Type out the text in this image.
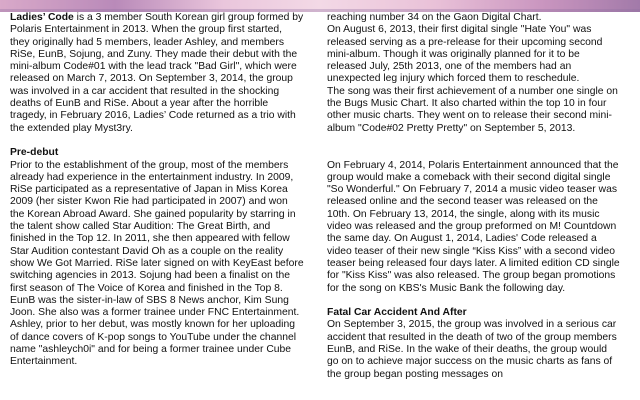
Ladies’ Code is a 3 member South Korean girl group formed by Polaris Entertainment in 2013. When the group first started, they originally had 5 members, leader Ashley, and members RiSe, EunB, Sojung, and Zuny. They made their debut with the mini-album Code#01 with the lead track "Bad Girl", which were released on March 7, 2013. On September 3, 2014, the group was involved in a car accident that resulted in the shocking deaths of EunB and RiSe. About a year after the horrible tragedy, in February 2016, Ladies’ Code returned as a trio with the extended play Myst3ry.

Pre-debut

Prior to the establishment of the group, most of the members already had experience in the entertainment industry. In 2009, RiSe participated as a representative of Japan in Miss Korea 2009 (her sister Kwon Rie had participated in 2007) and won the Korean Abroad Award. She gained popularity by starring in the talent show called Star Audition: The Great Birth, and finished in the Top 12. In 2011, she then appeared with fellow Star Audition contestant David Oh as a couple on the reality show We Got Married. RiSe later signed on with KeyEast before switching agencies in 2013. Sojung had been a finalist on the first season of The Voice of Korea and finished in the Top 8. EunB was the sister-in-law of SBS 8 News anchor, Kim Sung Joon. She also was a former trainee under FNC Entertainment. Ashley, prior to her debut, was mostly known for her uploading of dance covers of K-pop songs to YouTube under the channel name "ashleych0i" and for being a former trainee under Cube Entertainment.

reaching number 34 on the Gaon Digital Chart.

On August 6, 2013, their first digital single "Hate You" was released serving as a pre-release for their upcoming second mini-album. Though it was originally planned for it to be released July, 25th 2013, one of the members had an unexpected leg injury which forced them to reschedule.

The song was their first achievement of a number one single on the Bugs Music Chart. It also charted within the top 10 in four other music charts. They went on to release their second mini-album "Code#02 Pretty Pretty" on September 5, 2013.

On February 4, 2014, Polaris Entertainment announced that the group would make a comeback with their second digital single "So Wonderful." On February 7, 2014 a music video teaser was released online and the second teaser was released on the 10th. On February 13, 2014, the single, along with its music video was released and the group preformed on M! Countdown the same day. On August 1, 2014, Ladies' Code released a video teaser of their new single “Kiss Kiss” with a second video teaser being released four days later. A limited edition CD single for "Kiss Kiss" was also released. The group began promotions for the song on KBS's Music Bank the following day.

Fatal Car Accident And After

On September 3, 2015, the group was involved in a serious car accident that resulted in the death of two of the group members EunB, and RiSe. In the wake of their deaths, the group would go on to achieve major success on the music charts as fans of the group began posting messages on
